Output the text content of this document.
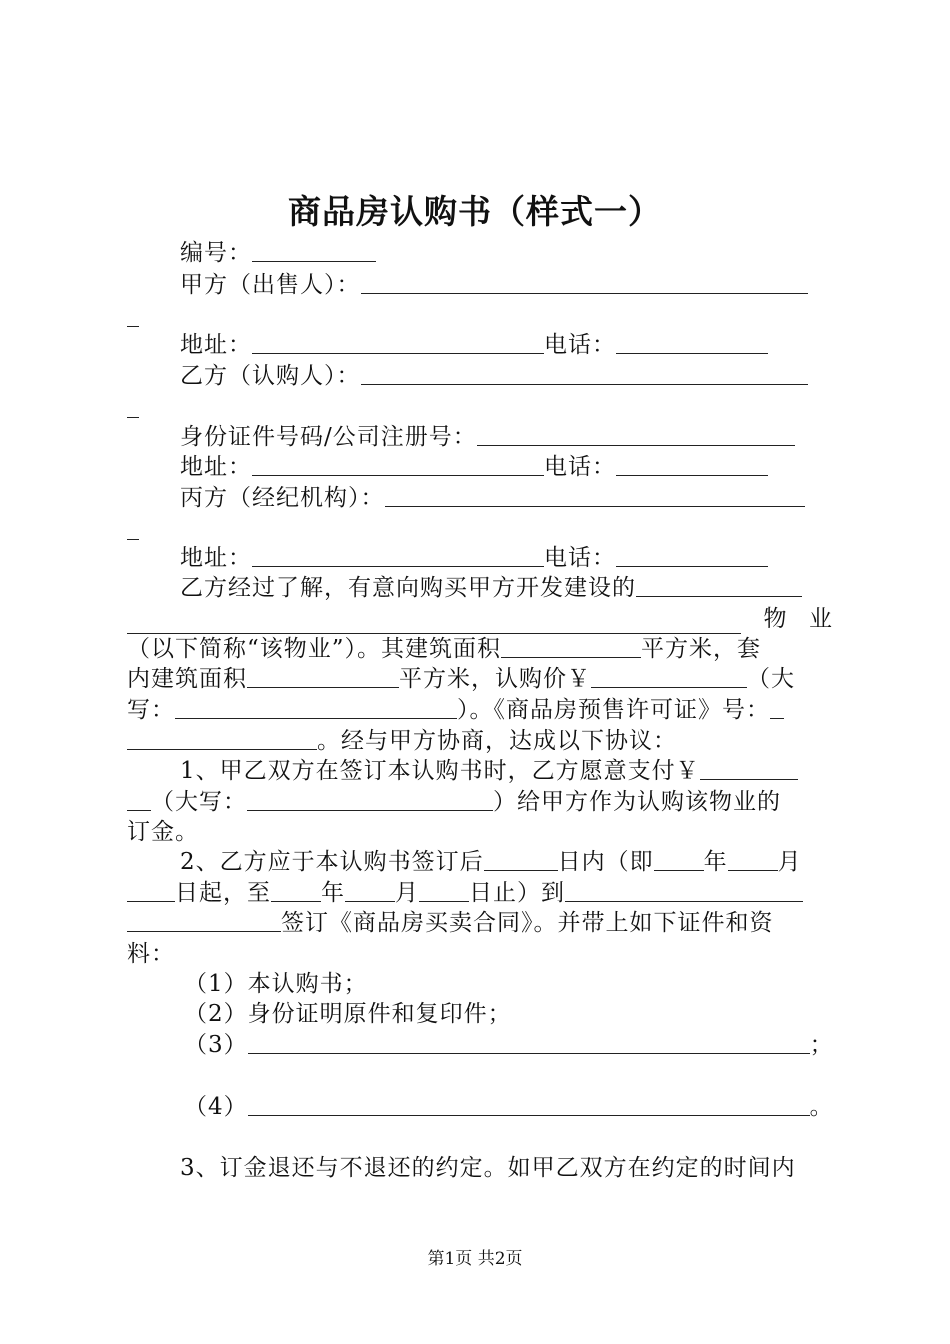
商品房认购书（样式一）
编号：
甲方（出售人）：
地址：	电话：
乙方（认购人）：
身份证件号码/公司注册号：
地址：	电话：
丙方（经纪机构）：
地址：	电话：
乙方经过了解，有意向购买甲方开发建设的
物 业
（以下简称“该物业”）。其建筑面积	平方米，套
内建筑面积	平方米，认购价￥	（大
写：	）。《商品房预售许可证》号：
。经与甲方协商，达成以下协议：
1、甲乙双方在签订本认购书时，乙方愿意支付￥
（大写：	）给甲方作为认购该物业的
订金。
2、乙方应于本认购书签订后	日内（即 年 月
日起，至 年 月 日止）到
签订《商品房买卖合同》。并带上如下证件和资
料：
（1）本认购书；
（2）身份证明原件和复印件；
（3）	；
（4）	。
3、订金退还与不退还的约定。如甲乙双方在约定的时间内
第1页 共2页
